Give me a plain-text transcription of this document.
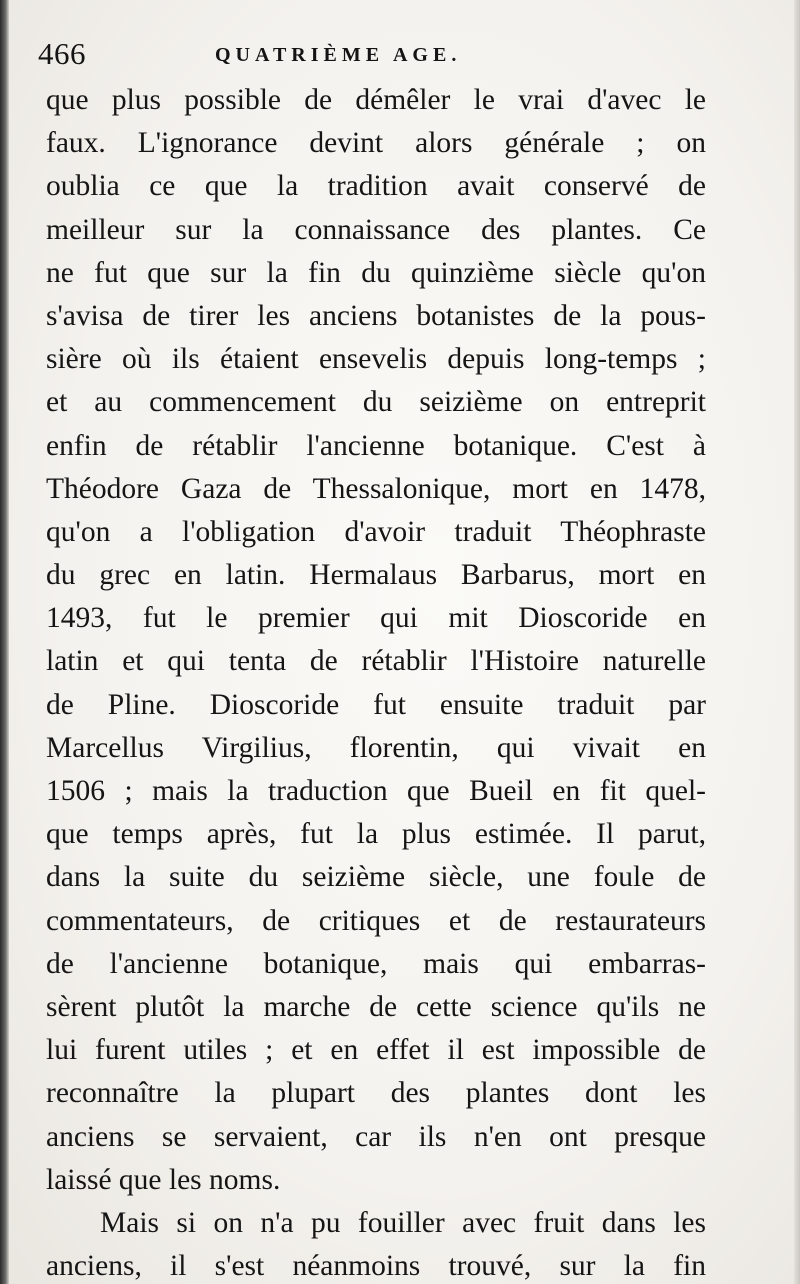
466	QUATRIÈME AGE.
que plus possible de démêler le vrai d'avec le
faux. L'ignorance devint alors générale ; on
oublia ce que la tradition avait conservé de
meilleur sur la connaissance des plantes. Ce
ne fut que sur la fin du quinzième siècle qu'on
s'avisa de tirer les anciens botanistes de la pous-
sière où ils étaient ensevelis depuis long-temps ;
et au commencement du seizième on entreprit
enfin de rétablir l'ancienne botanique. C'est à
Théodore Gaza de Thessalonique, mort en 1478,
qu'on a l'obligation d'avoir traduit Théophraste
du grec en latin. Hermalaus Barbarus, mort en
1493, fut le premier qui mit Dioscoride en
latin et qui tenta de rétablir l'Histoire naturelle
de Pline. Dioscoride fut ensuite traduit par
Marcellus Virgilius, florentin, qui vivait en
1506 ; mais la traduction que Bueil en fit quel-
que temps après, fut la plus estimée. Il parut,
dans la suite du seizième siècle, une foule de
commentateurs, de critiques et de restaurateurs
de l'ancienne botanique, mais qui embarras-
sèrent plutôt la marche de cette science qu'ils ne
lui furent utiles ; et en effet il est impossible de
reconnaître la plupart des plantes dont les
anciens se servaient, car ils n'en ont presque
laissé que les noms.
Mais si on n'a pu fouiller avec fruit dans les
anciens, il s'est néanmoins trouvé, sur la fin
